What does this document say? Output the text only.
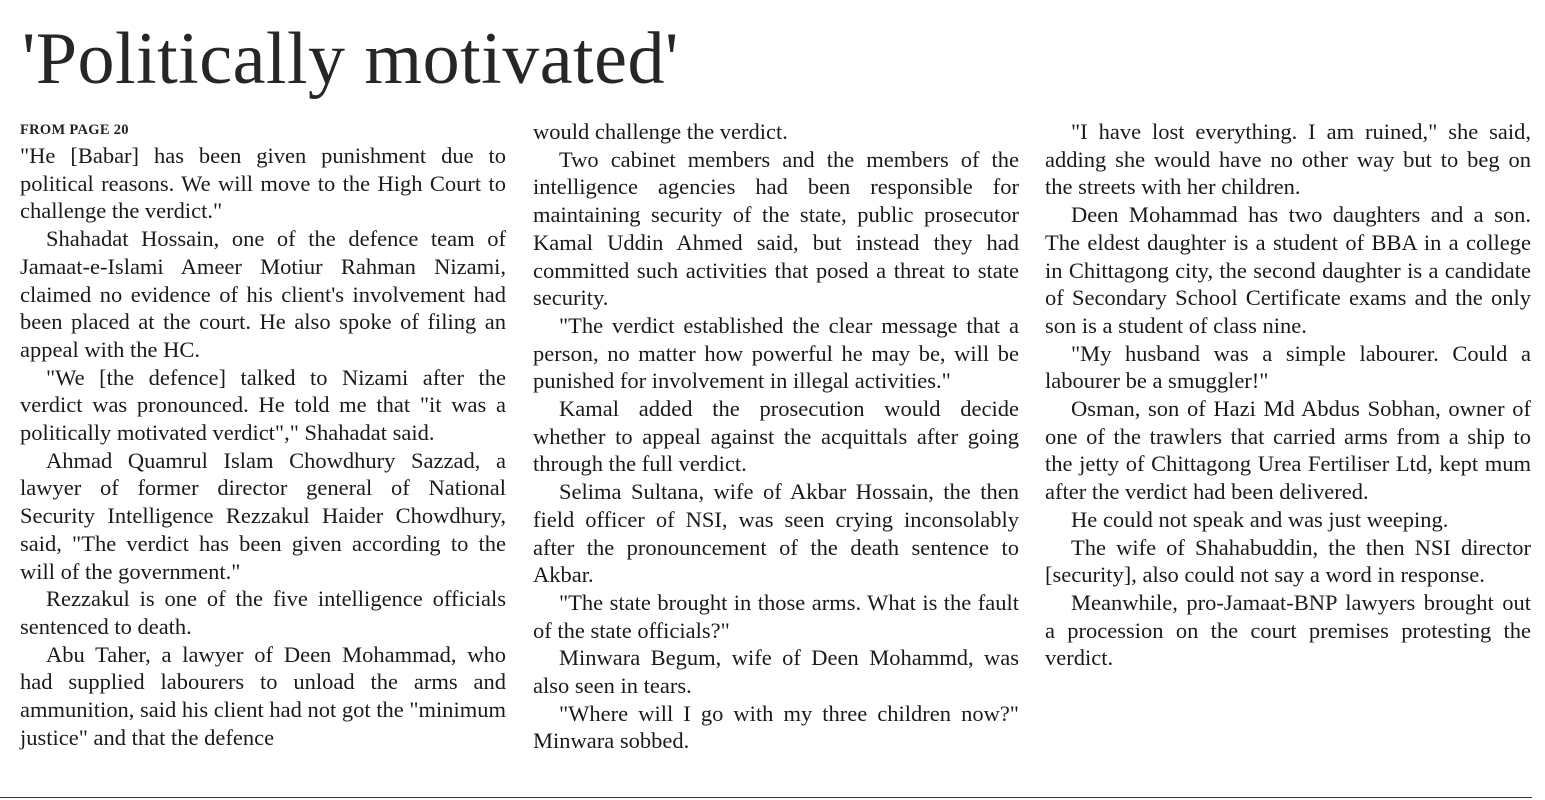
'Politically motivated'
FROM PAGE 20

"He [Babar] has been given punishment due to political reasons. We will move to the High Court to challenge the verdict."

Shahadat Hossain, one of the defence team of Jamaat-e-Islami Ameer Motiur Rahman Nizami, claimed no evidence of his client's involvement had been placed at the court. He also spoke of filing an appeal with the HC.

"We [the defence] talked to Nizami after the verdict was pronounced. He told me that "it was a politically motivated verdict"," Shahadat said.

Ahmad Quamrul Islam Chowdhury Sazzad, a lawyer of former director general of National Security Intelligence Rezzakul Haider Chowdhury, said, "The verdict has been given according to the will of the government."

Rezzakul is one of the five intelligence officials sentenced to death.

Abu Taher, a lawyer of Deen Mohammad, who had supplied labourers to unload the arms and ammunition, said his client had not got the "minimum justice" and that the defence

would challenge the verdict.

Two cabinet members and the members of the intelligence agencies had been responsible for maintaining security of the state, public prosecutor Kamal Uddin Ahmed said, but instead they had committed such activities that posed a threat to state security.

"The verdict established the clear message that a person, no matter how powerful he may be, will be punished for involvement in illegal activities."

Kamal added the prosecution would decide whether to appeal against the acquittals after going through the full verdict.

Selima Sultana, wife of Akbar Hossain, the then field officer of NSI, was seen crying inconsolably after the pronouncement of the death sentence to Akbar.

"The state brought in those arms. What is the fault of the state officials?"

Minwara Begum, wife of Deen Mohammd, was also seen in tears.

"Where will I go with my three children now?" Minwara sobbed.

"I have lost everything. I am ruined," she said, adding she would have no other way but to beg on the streets with her children.

Deen Mohammad has two daughters and a son. The eldest daughter is a student of BBA in a college in Chittagong city, the second daughter is a candidate of Secondary School Certificate exams and the only son is a student of class nine.

"My husband was a simple labourer. Could a labourer be a smuggler!"

Osman, son of Hazi Md Abdus Sobhan, owner of one of the trawlers that carried arms from a ship to the jetty of Chittagong Urea Fertiliser Ltd, kept mum after the verdict had been delivered.

He could not speak and was just weeping.

The wife of Shahabuddin, the then NSI director [security], also could not say a word in response.

Meanwhile, pro-Jamaat-BNP lawyers brought out a procession on the court premises protesting the verdict.
